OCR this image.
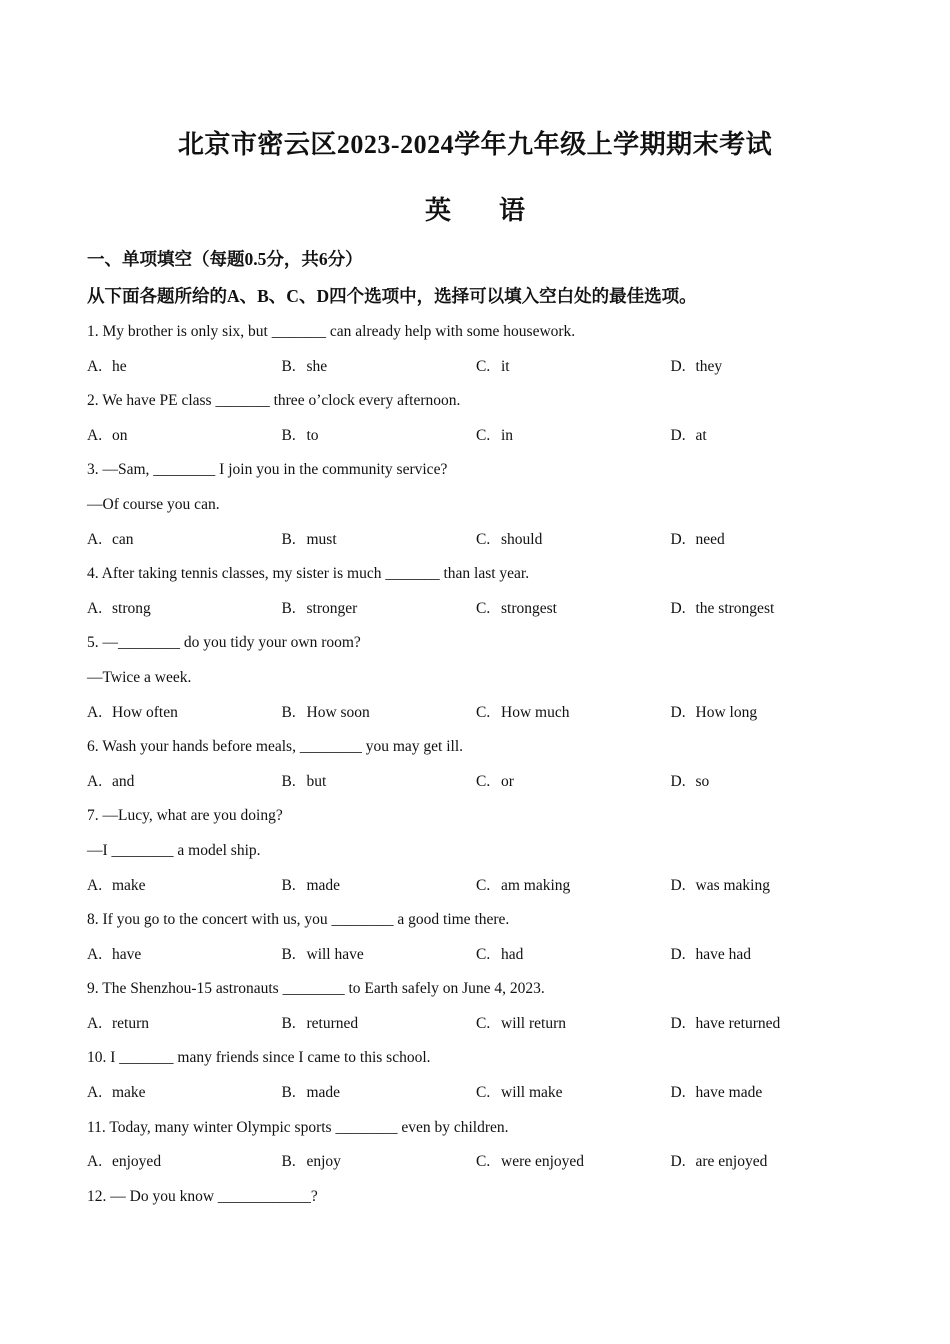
北京市密云区2023-2024学年九年级上学期期末考试
英 语
一、单项填空（每题0.5分，共6分）
从下面各题所给的A、B、C、D四个选项中，选择可以填入空白处的最佳选项。
1. My brother is only six, but _______ can already help with some housework.
A. he	B. she	C. it	D. they
2. We have PE class _______ three o’clock every afternoon.
A. on	B. to	C. in	D. at
3. —Sam, ________ I join you in the community service?
—Of course you can.
A. can	B. must	C. should	D. need
4. After taking tennis classes, my sister is much _______ than last year.
A. strong	B. stronger	C. strongest	D. the strongest
5. —________ do you tidy your own room?
—Twice a week.
A. How often	B. How soon	C. How much	D. How long
6. Wash your hands before meals, ________ you may get ill.
A. and	B. but	C. or	D. so
7. —Lucy, what are you doing?
—I ________ a model ship.
A. make	B. made	C. am making	D. was making
8. If you go to the concert with us, you ________ a good time there.
A. have	B. will have	C. had	D. have had
9. The Shenzhou-15 astronauts ________ to Earth safely on June 4, 2023.
A. return	B. returned	C. will return	D. have returned
10. I _______ many friends since I came to this school.
A. make	B. made	C. will make	D. have made
11. Today, many winter Olympic sports ________ even by children.
A. enjoyed	B. enjoy	C. were enjoyed	D. are enjoyed
12. — Do you know ____________?
